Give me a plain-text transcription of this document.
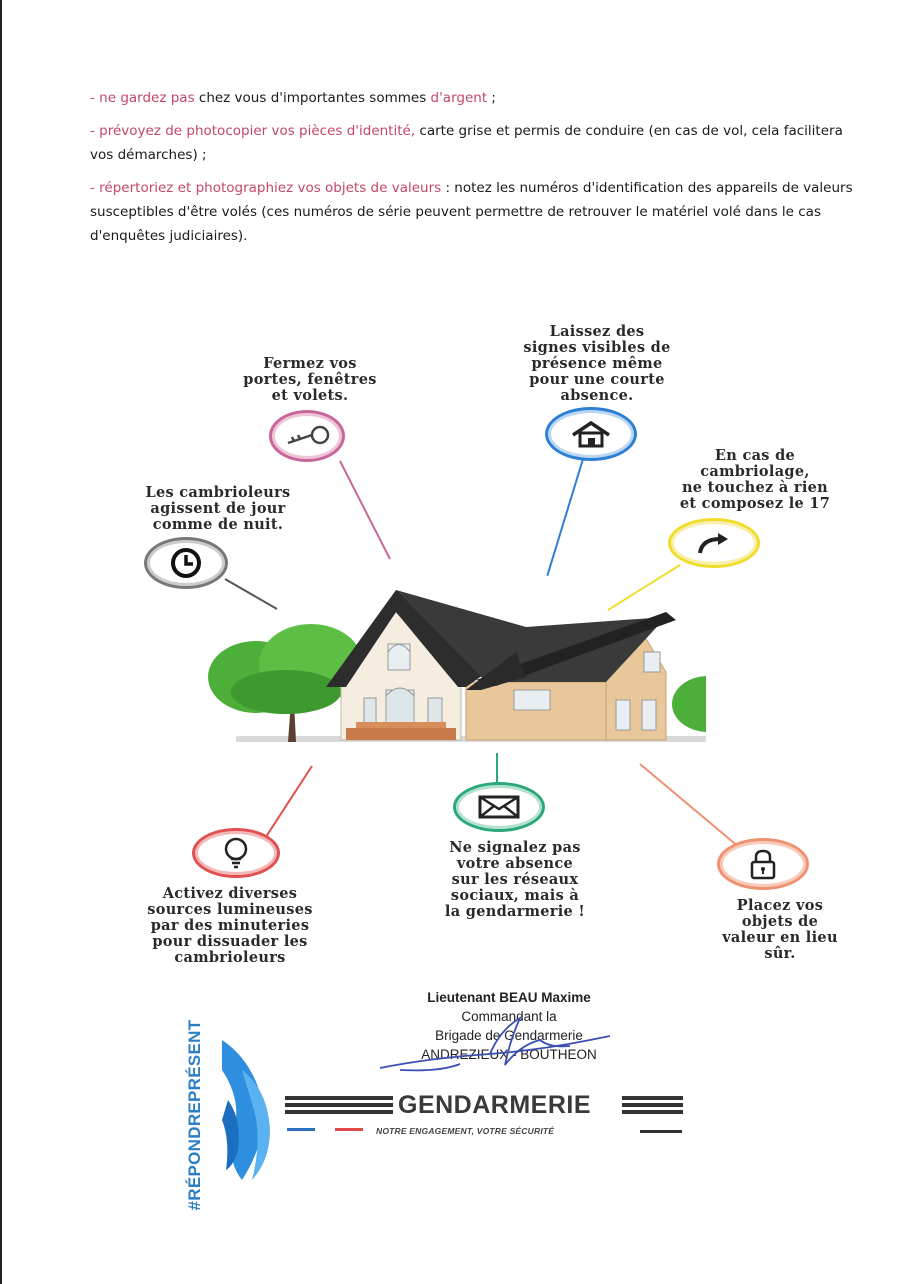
- ne gardez pas chez vous d'importantes sommes d'argent ;

- prévoyez de photocopier vos pièces d'identité, carte grise et permis de conduire (en cas de vol, cela facilitera vos démarches) ;

- répertoriez et photographiez vos objets de valeurs : notez les numéros d'identification des appareils de valeurs susceptibles d'être volés (ces numéros de série peuvent permettre de retrouver le matériel volé dans le cas d'enquêtes judiciaires).

Fermez vos
portes, fenêtres
et volets.
Laissez des
signes visibles de
présence même
pour une courte
absence.
Les cambrioleurs
agissent de jour
comme de nuit.
En cas de
cambriolage,
ne touchez à rien
et composez le 17
Activez diverses
sources lumineuses
par des minuteries
pour dissuader les
cambrioleurs
Ne signalez pas
votre absence
sur les réseaux
sociaux, mais à
la gendarmerie !	Placez vos
objets de
valeur en lieu
sûr.
Lieutenant BEAU Maxime
Commandant la
Brigade de Gendarmerie
ANDREZIEUX - BOUTHEON
#RÉPONDREPRÉSENT	GENDARMERIE
NOTRE ENGAGEMENT, VOTRE SÉCURITÉ
